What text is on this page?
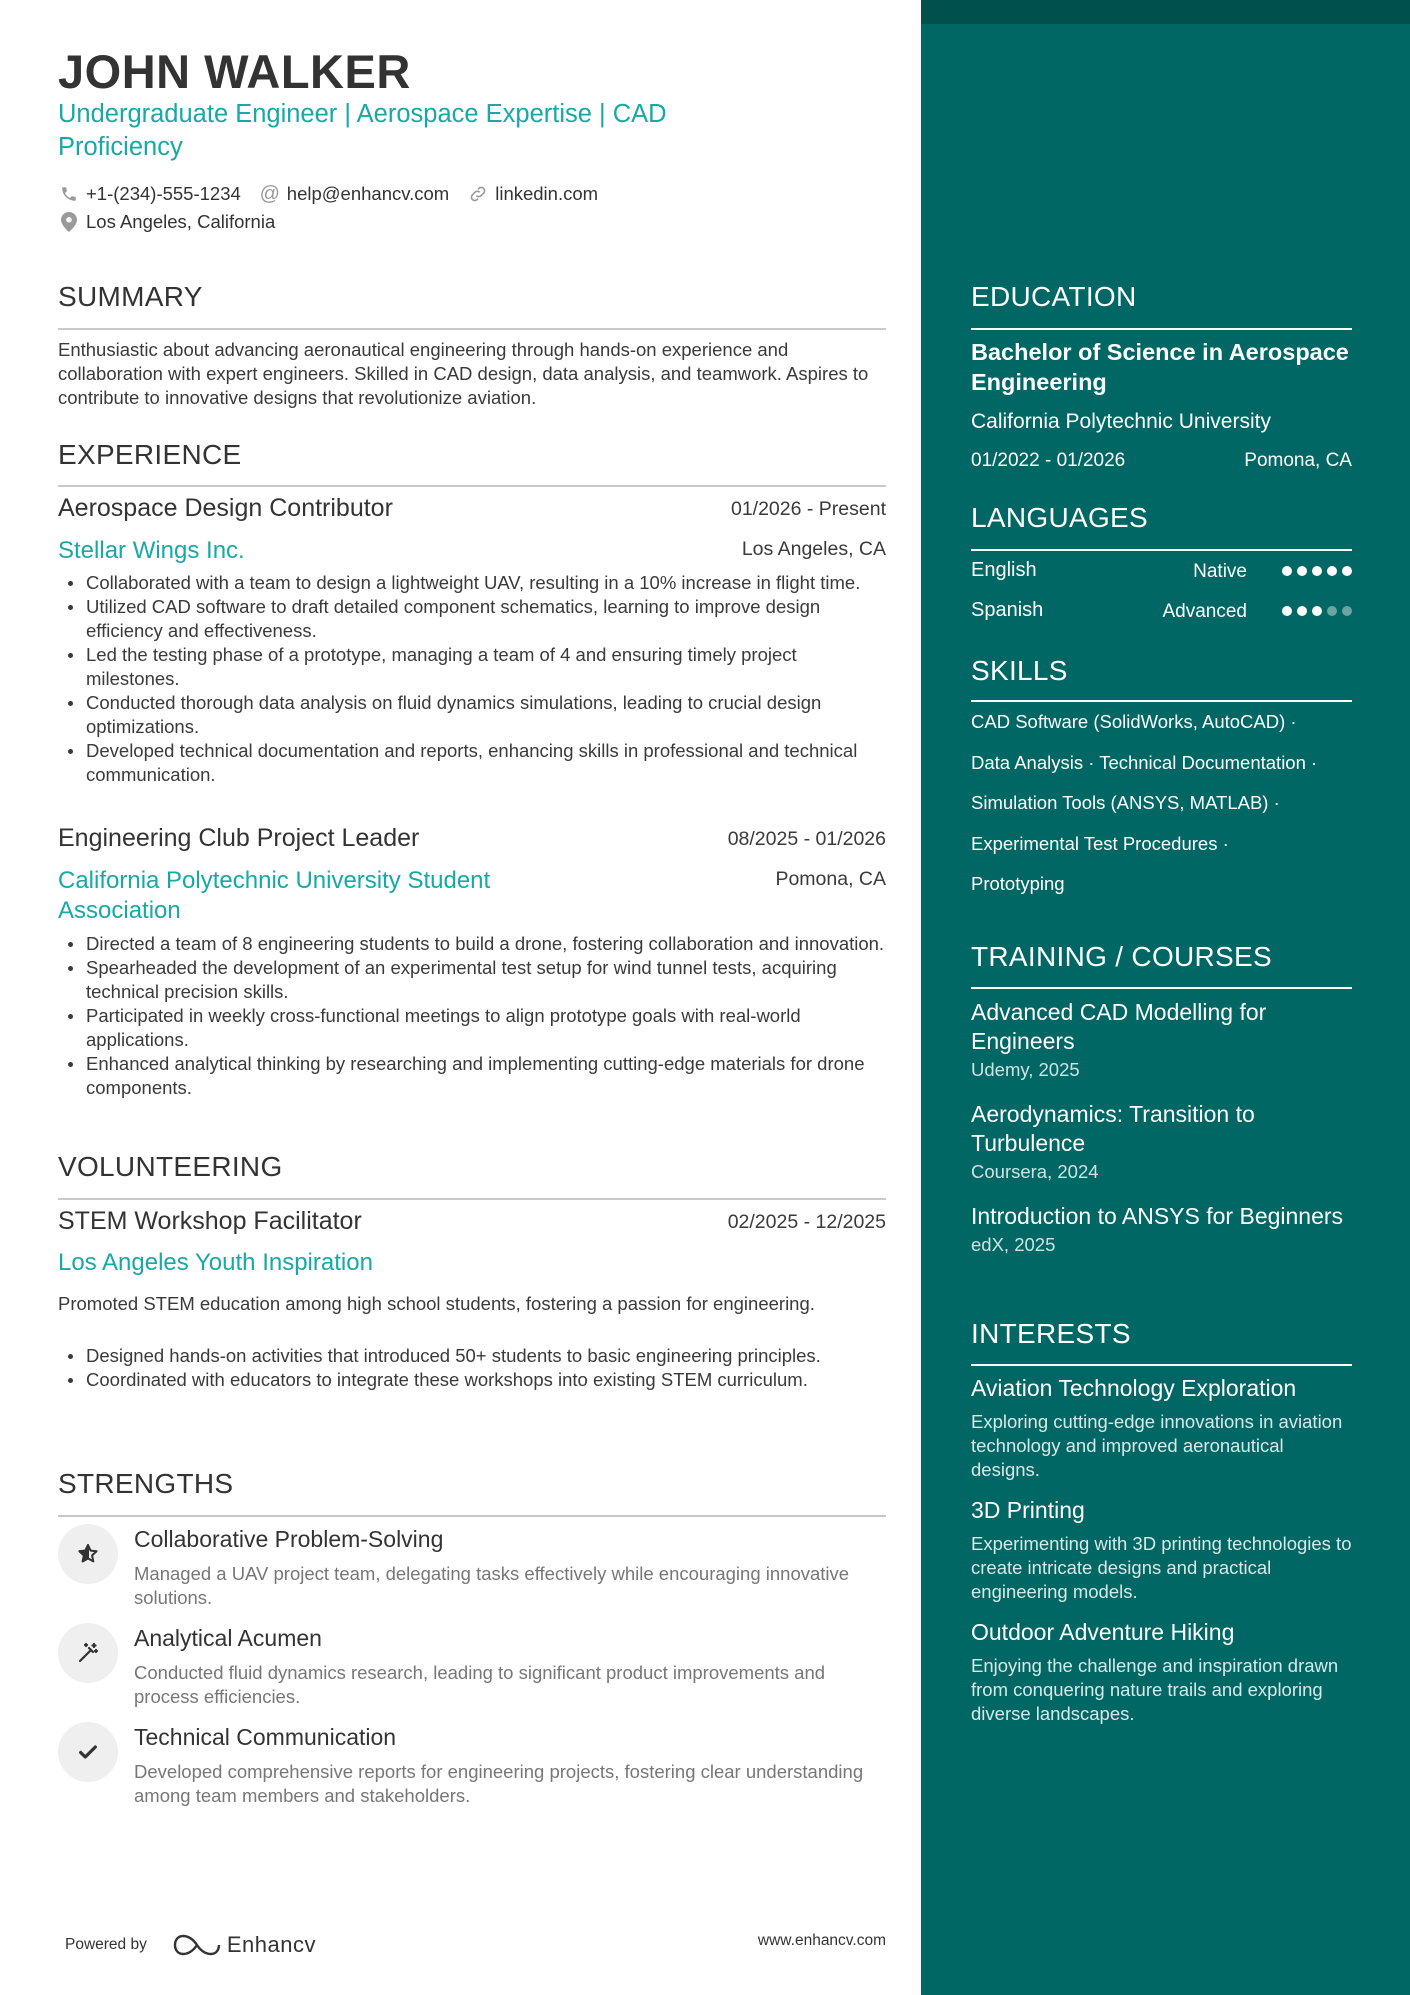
JOHN WALKER
Undergraduate Engineer | Aerospace Expertise | CAD
Proficiency
+1-(234)-555-1234 @ help@enhancv.com linkedin.com
Los Angeles, California
SUMMARY
Enthusiastic about advancing aeronautical engineering through hands-on experience and collaboration with expert engineers. Skilled in CAD design, data analysis, and teamwork. Aspires to contribute to innovative designs that revolutionize aviation.
EXPERIENCE
Aerospace Design Contributor	01/2026 - Present
Stellar Wings Inc.	Los Angeles, CA
Collaborated with a team to design a lightweight UAV, resulting in a 10% increase in flight time.
Utilized CAD software to draft detailed component schematics, learning to improve design efficiency and effectiveness.
Led the testing phase of a prototype, managing a team of 4 and ensuring timely project milestones.
Conducted thorough data analysis on fluid dynamics simulations, leading to crucial design optimizations.
Developed technical documentation and reports, enhancing skills in professional and technical communication.
Engineering Club Project Leader	08/2025 - 01/2026
California Polytechnic University Student
Association
Pomona, CA
Directed a team of 8 engineering students to build a drone, fostering collaboration and innovation.
Spearheaded the development of an experimental test setup for wind tunnel tests, acquiring technical precision skills.
Participated in weekly cross-functional meetings to align prototype goals with real-world applications.
Enhanced analytical thinking by researching and implementing cutting-edge materials for drone components.
VOLUNTEERING
STEM Workshop Facilitator	02/2025 - 12/2025
Los Angeles Youth Inspiration
Promoted STEM education among high school students, fostering a passion for engineering.
Designed hands-on activities that introduced 50+ students to basic engineering principles.
Coordinated with educators to integrate these workshops into existing STEM curriculum.
STRENGTHS
Collaborative Problem-Solving
Managed a UAV project team, delegating tasks effectively while encouraging innovative solutions.
Analytical Acumen
Conducted fluid dynamics research, leading to significant product improvements and process efficiencies.
Technical Communication
Developed comprehensive reports for engineering projects, fostering clear understanding among team members and stakeholders.
Powered by	Enhancv	www.enhancv.com
EDUCATION
Bachelor of Science in Aerospace Engineering
California Polytechnic University
01/2022 - 01/2026	Pomona, CA
LANGUAGES
English	Native
Spanish	Advanced
SKILLS
CAD Software (SolidWorks, AutoCAD) ·
Data Analysis · Technical Documentation ·
Simulation Tools (ANSYS, MATLAB) ·
Experimental Test Procedures ·
Prototyping
TRAINING / COURSES
Advanced CAD Modelling for Engineers
Udemy, 2025
Aerodynamics: Transition to Turbulence
Coursera, 2024
Introduction to ANSYS for Beginners
edX, 2025
INTERESTS
Aviation Technology Exploration
Exploring cutting-edge innovations in aviation technology and improved aeronautical designs.
3D Printing
Experimenting with 3D printing technologies to create intricate designs and practical engineering models.
Outdoor Adventure Hiking
Enjoying the challenge and inspiration drawn from conquering nature trails and exploring diverse landscapes.
